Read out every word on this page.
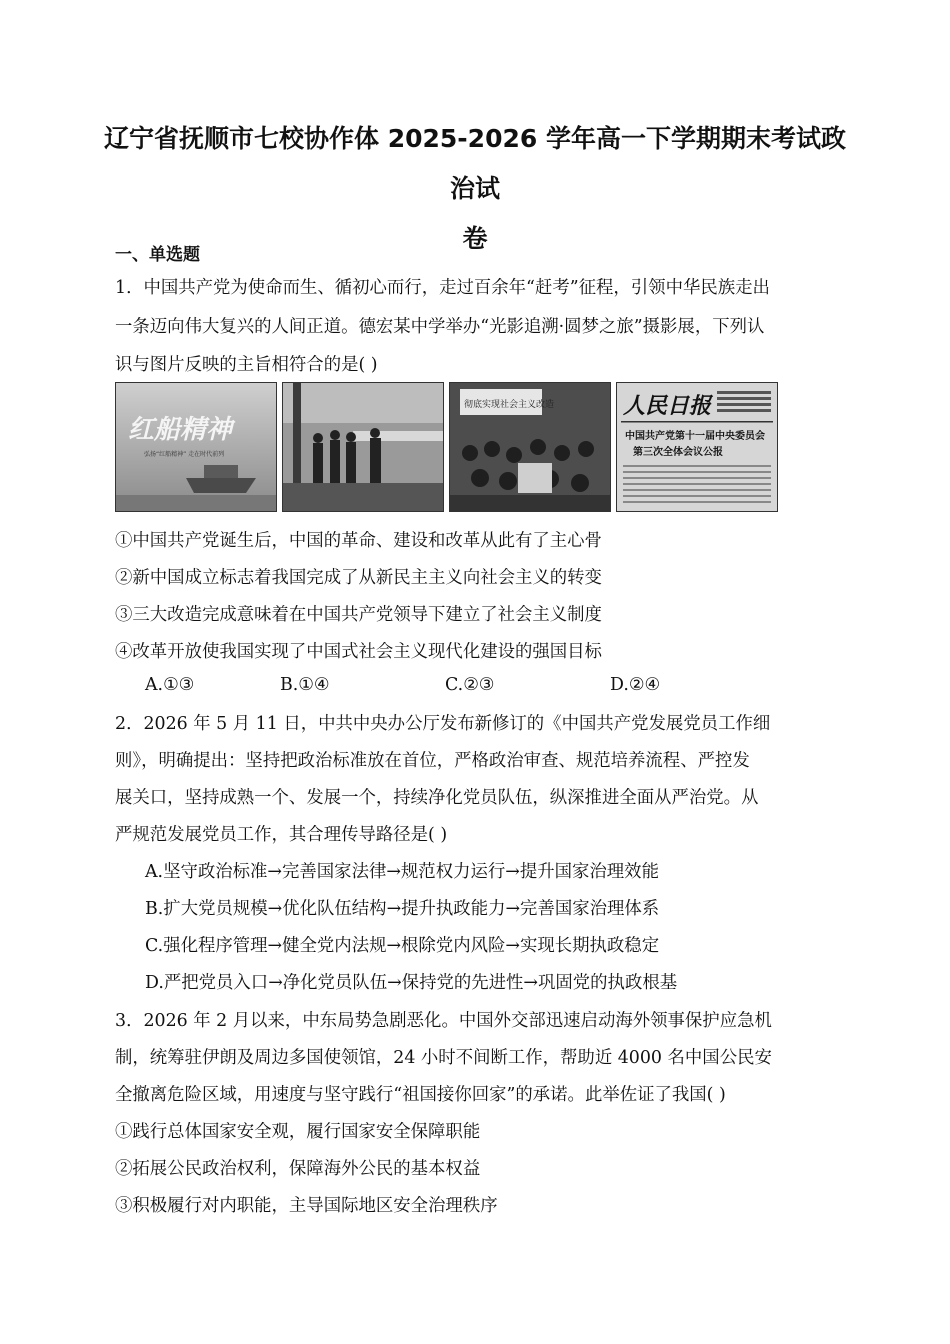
辽宁省抚顺市七校协作体 2025-2026 学年高一下学期期末考试政治试
卷
一、单选题
1．中国共产党为使命而生、循初心而行，走过百余年“赶考”征程，引领中华民族走出
一条迈向伟大复兴的人间正道。德宏某中学举办“光影追溯·圆梦之旅”摄影展，下列认
识与图片反映的主旨相符合的是( )
红船精神
弘扬“红船精神” 走在时代前列
彻底实现社会主义改造	人民日报
中国共产党第十一届中央委员会
第三次全体会议公报
①中国共产党诞生后，中国的革命、建设和改革从此有了主心骨
②新中国成立标志着我国完成了从新民主主义向社会主义的转变
③三大改造完成意味着在中国共产党领导下建立了社会主义制度
④改革开放使我国实现了中国式社会主义现代化建设的强国目标
A.①③	B.①④	C.②③	D.②④
2．2026 年 5 月 11 日，中共中央办公厅发布新修订的《中国共产党发展党员工作细
则》，明确提出：坚持把政治标准放在首位，严格政治审查、规范培养流程、严控发
展关口，坚持成熟一个、发展一个，持续净化党员队伍，纵深推进全面从严治党。从
严规范发展党员工作，其合理传导路径是( )
A.坚守政治标准→完善国家法律→规范权力运行→提升国家治理效能
B.扩大党员规模→优化队伍结构→提升执政能力→完善国家治理体系
C.强化程序管理→健全党内法规→根除党内风险→实现长期执政稳定
D.严把党员入口→净化党员队伍→保持党的先进性→巩固党的执政根基
3．2026 年 2 月以来，中东局势急剧恶化。中国外交部迅速启动海外领事保护应急机
制，统筹驻伊朗及周边多国使领馆，24 小时不间断工作，帮助近 4000 名中国公民安
全撤离危险区域，用速度与坚守践行“祖国接你回家”的承诺。此举佐证了我国( )
①践行总体国家安全观，履行国家安全保障职能
②拓展公民政治权利，保障海外公民的基本权益
③积极履行对内职能，主导国际地区安全治理秩序
